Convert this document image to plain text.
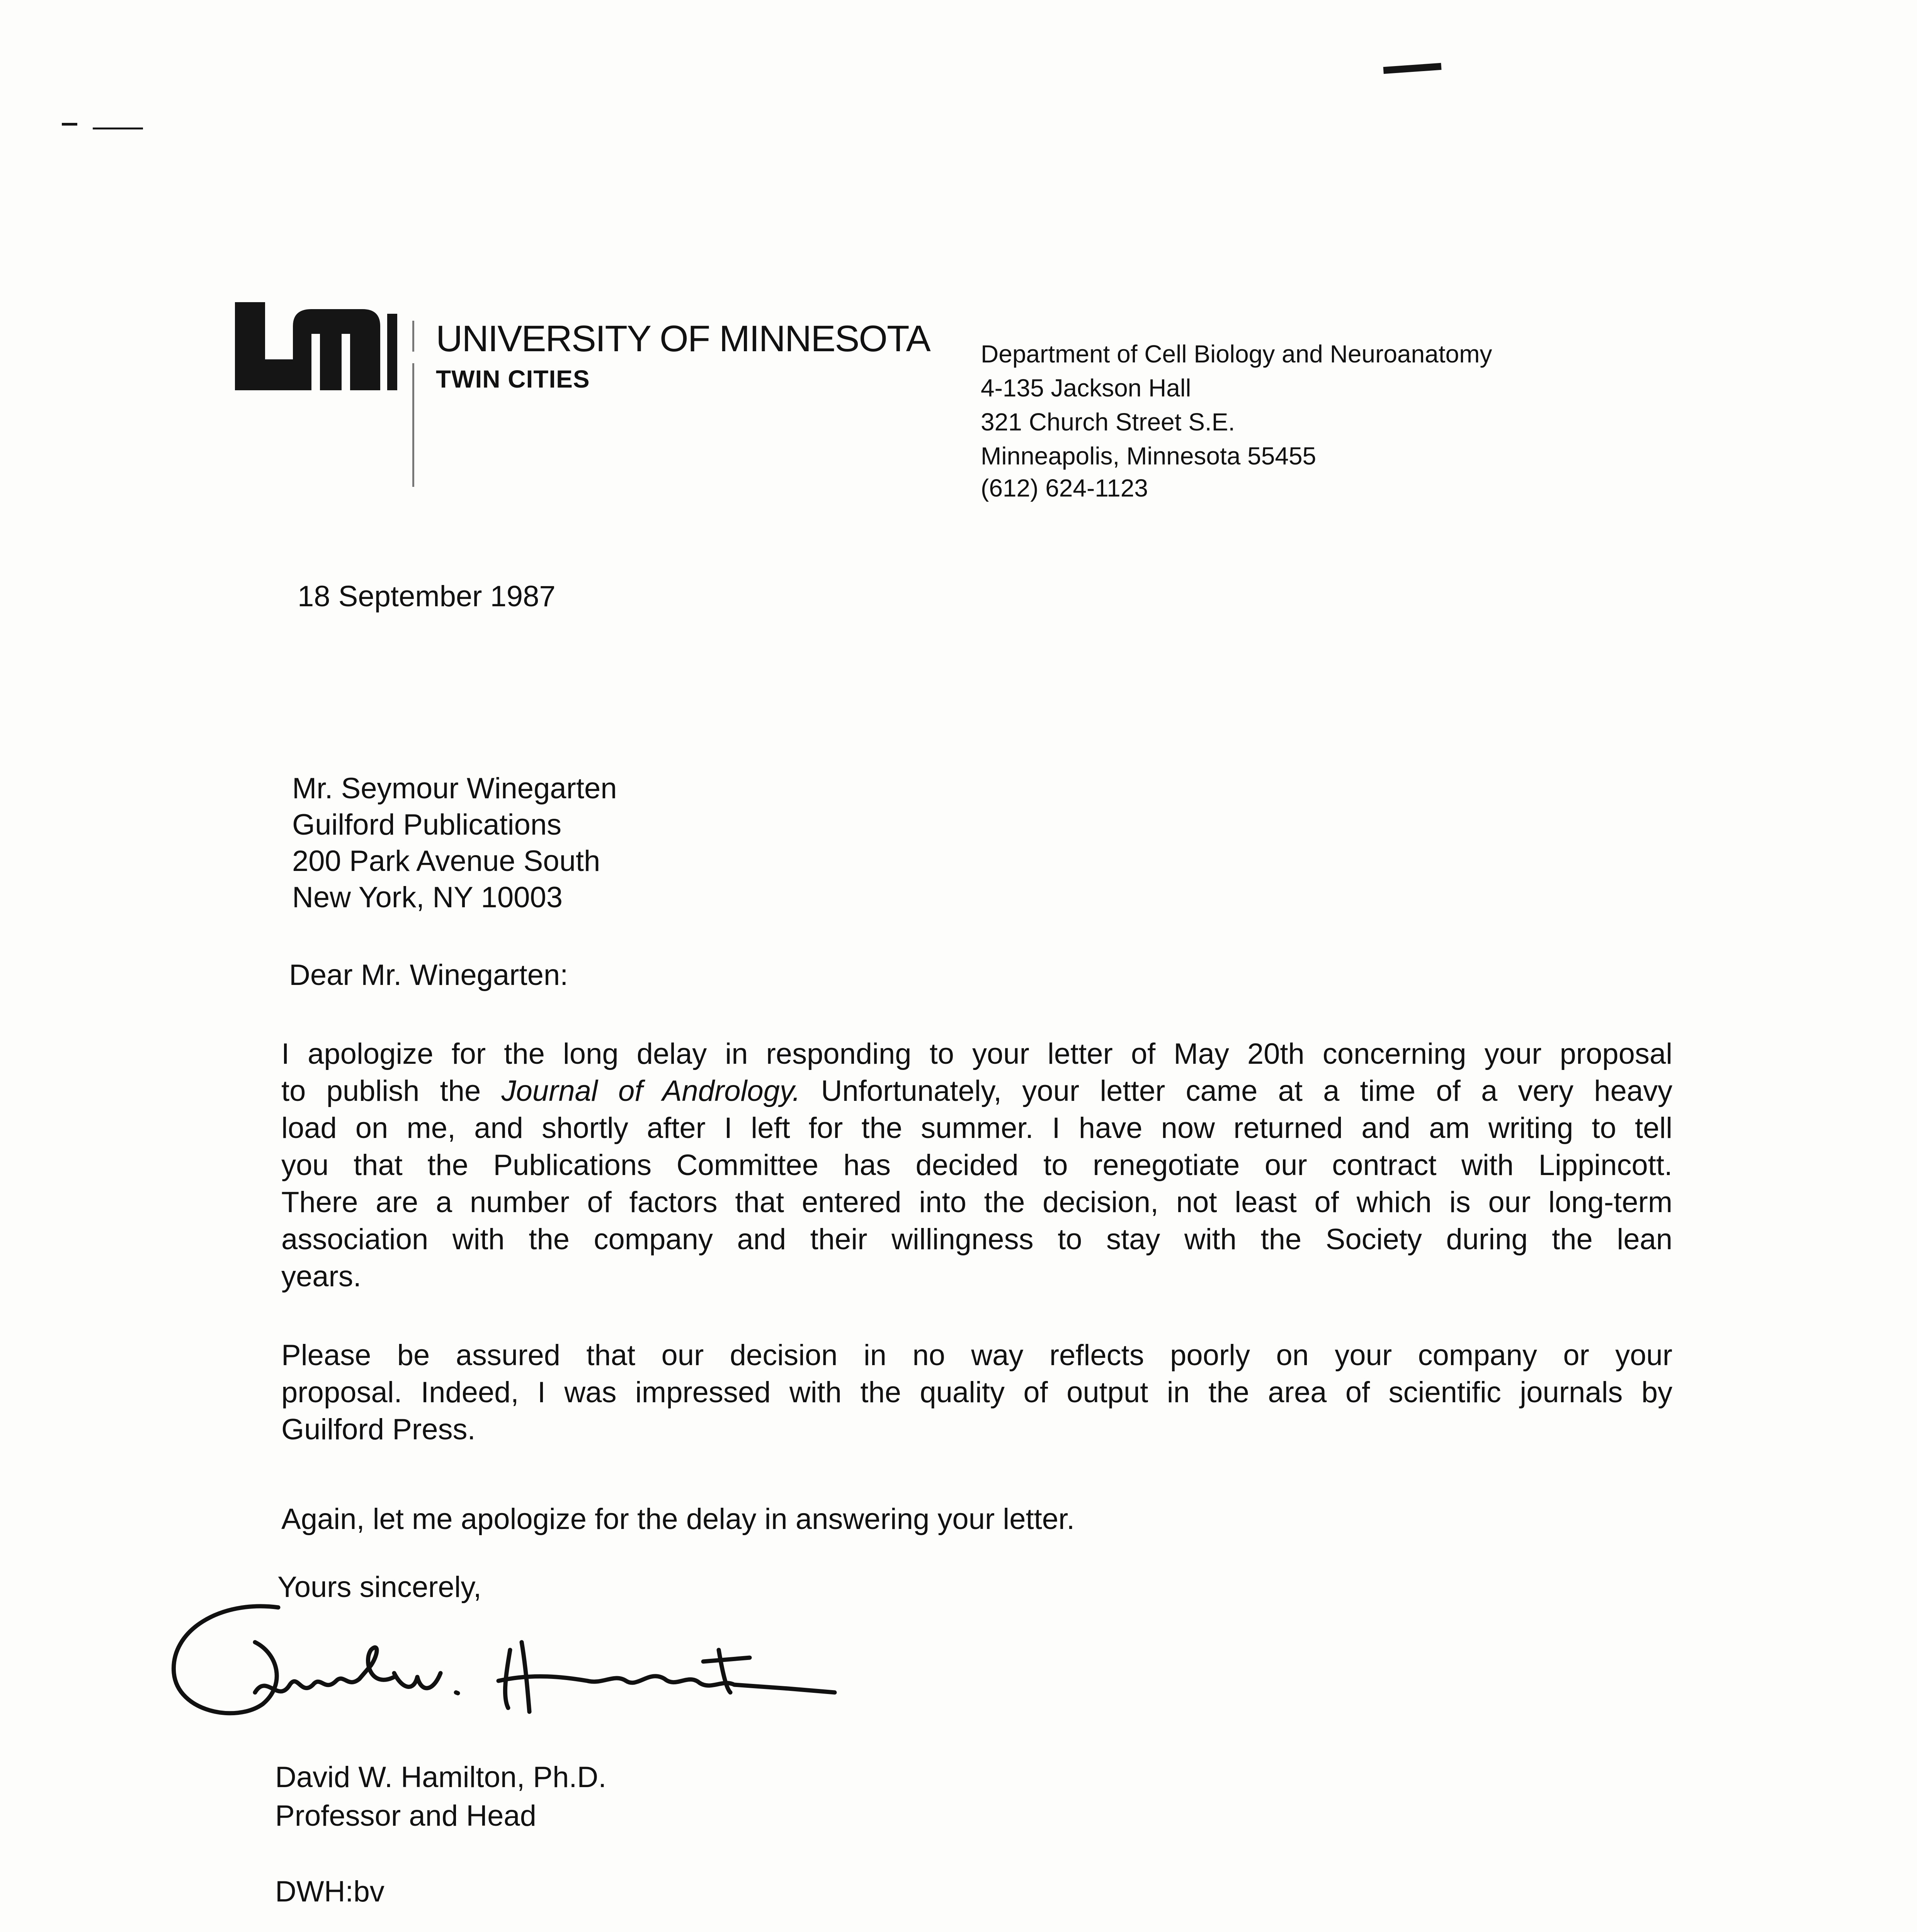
UNIVERSITY OF MINNESOTA
TWIN CITIES
Department of Cell Biology and Neuroanatomy
4-135 Jackson Hall
321 Church Street S.E.
Minneapolis, Minnesota 55455
(612) 624-1123
18 September 1987
Mr. Seymour Winegarten
Guilford Publications
200 Park Avenue South
New York, NY 10003
Dear Mr. Winegarten:
I apologize for the long delay in responding to your letter of May 20th concerning your proposal
to publish the Journal of Andrology. Unfortunately, your letter came at a time of a very heavy
load on me, and shortly after I left for the summer. I have now returned and am writing to tell
you that the Publications Committee has decided to renegotiate our contract with Lippincott.
There are a number of factors that entered into the decision, not least of which is our long-term
association with the company and their willingness to stay with the Society during the lean
years.
Please be assured that our decision in no way reflects poorly on your company or your
proposal. Indeed, I was impressed with the quality of output in the area of scientific journals by
Guilford Press.
Again, let me apologize for the delay in answering your letter.
Yours sincerely,
David W. Hamilton, Ph.D.
Professor and Head
DWH:bv
